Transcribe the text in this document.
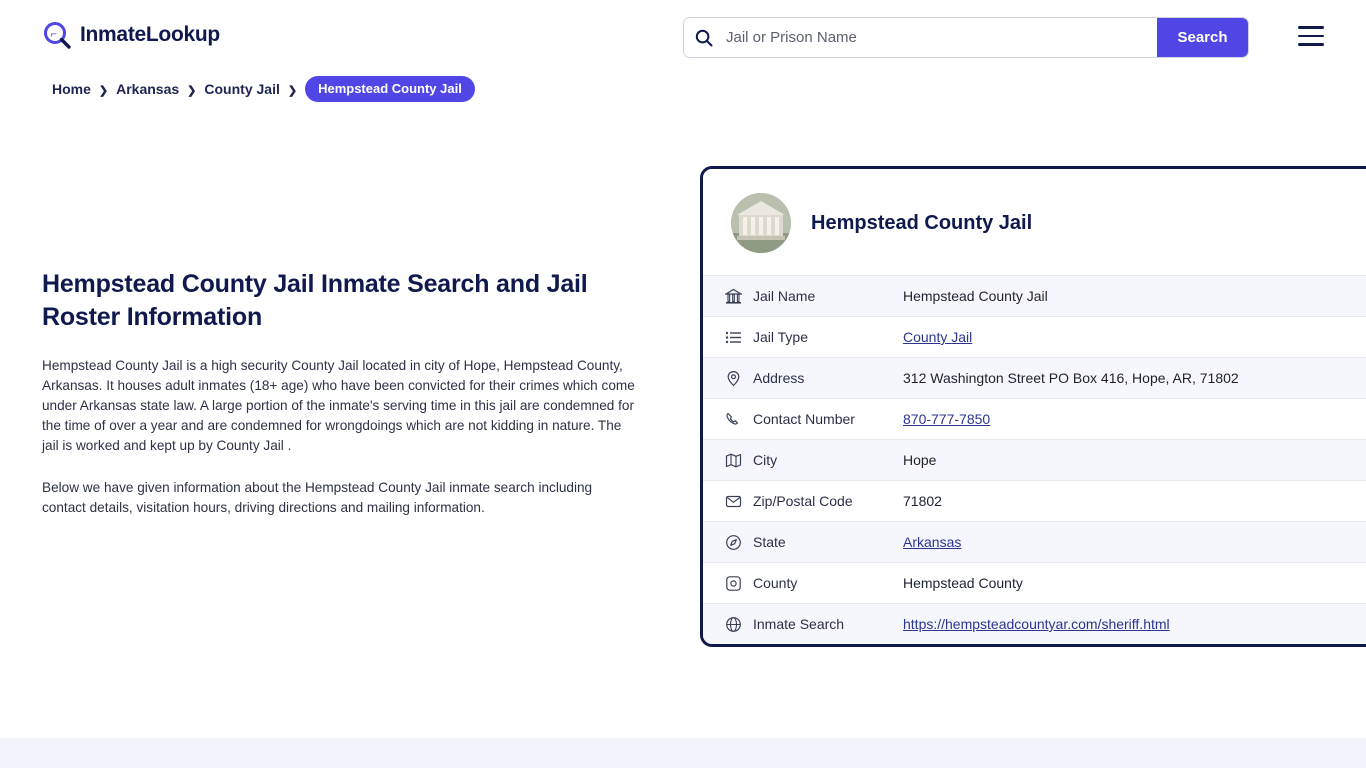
⌐ InmateLookup
Jail or Prison Name	Search
Home ❯ Arkansas ❯ County Jail ❯	Hempstead County Jail
Hempstead County Jail Inmate Search and Jail Roster Information

Hempstead County Jail is a high security County Jail located in city of Hope, Hempstead County, Arkansas. It houses adult inmates (18+ age) who have been convicted for their crimes which come under Arkansas state law. A large portion of the inmate's serving time in this jail are condemned for the time of over a year and are condemned for wrongdoings which are not kidding in nature. The jail is worked and kept up by County Jail .

Below we have given information about the Hempstead County Jail inmate search including contact details, visitation hours, driving directions and mailing information.

Hempstead County Jail
Jail Name	Hempstead County Jail
Jail Type	County Jail
Address	312 Washington Street PO Box 416, Hope, AR, 71802
Contact Number	870-777-7850
City	Hope
Zip/Postal Code	71802
State	Arkansas
County	Hempstead County
Inmate Search	https://hempsteadcountyar.com/sheriff.html
